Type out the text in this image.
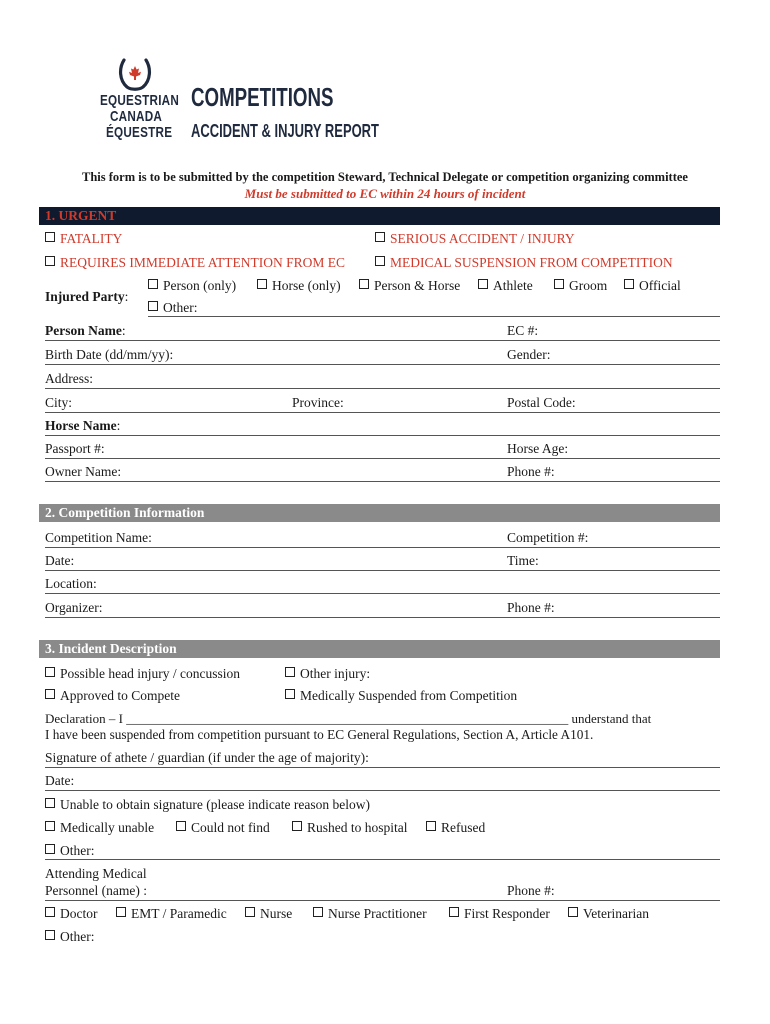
EQUESTRIAN
CANADA
ÉQUESTRE
COMPETITIONS
ACCIDENT & INJURY REPORT
This form is to be submitted by the competition Steward, Technical Delegate or competition organizing committee
Must be submitted to EC within 24 hours of incident
1. URGENT
FATALITY	SERIOUS ACCIDENT / INJURY
REQUIRES IMMEDIATE ATTENTION FROM EC	MEDICAL SUSPENSION FROM COMPETITION
Injured Party:
Person (only)	Horse (only)	Person & Horse	Athlete	Groom	Official
Other:
Person Name:	EC #:
Birth Date (dd/mm/yy):	Gender:
Address:
City:	Province:	Postal Code:
Horse Name:
Passport #:	Horse Age:
Owner Name:	Phone #:
2. Competition Information
Competition Name:	Competition #:
Date:	Time:
Location:
Organizer:	Phone #:
3. Incident Description
Possible head injury / concussion	Other injury:
Approved to Compete	Medically Suspended from Competition
Declaration – I ____________________________________________________________________ understand that
I have been suspended from competition pursuant to EC General Regulations, Section A, Article A101.
Signature of athete / guardian (if under the age of majority):
Date:
Unable to obtain signature (please indicate reason below)
Medically unable	Could not find	Rushed to hospital	Refused
Other:
Attending Medical
Personnel (name) :	Phone #:
Doctor	EMT / Paramedic	Nurse	Nurse Practitioner	First Responder	Veterinarian
Other:
